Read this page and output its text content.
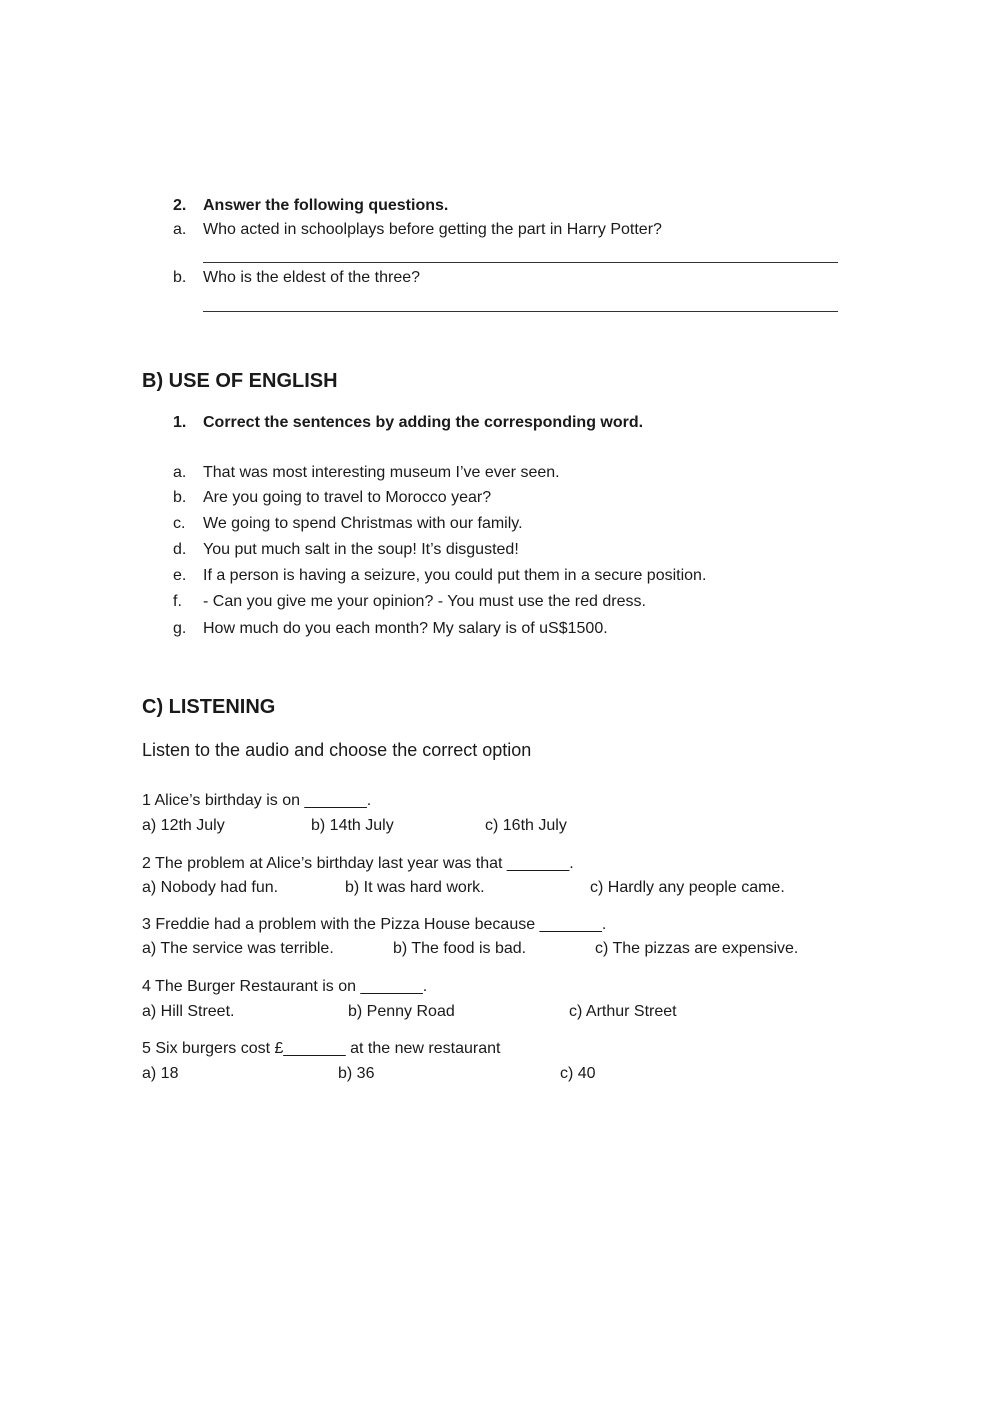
2.	Answer the following questions.
a.	Who acted in schoolplays before getting the part in Harry Potter?
b.	Who is the eldest of the three?
B) USE OF ENGLISH
1.	Correct the sentences by adding the corresponding word.
a.	That was most interesting museum I’ve ever seen.
b.	Are you going to travel to Morocco year?
c.	We going to spend Christmas with our family.
d.	You put much salt in the soup! It’s disgusted!
e.	If a person is having a seizure, you could put them in a secure position.
f.	- Can you give me your opinion? - You must use the red dress.
g.	How much do you each month? My salary is of uS$1500.
C) LISTENING
Listen to the audio and choose the correct option
1 Alice’s birthday is on _______.
a) 12th July	b) 14th July	c) 16th July
2 The problem at Alice’s birthday last year was that _______.
a) Nobody had fun.	b) It was hard work.	c) Hardly any people came.
3 Freddie had a problem with the Pizza House because _______.
a) The service was terrible.	b) The food is bad.	c) The pizzas are expensive.
4 The Burger Restaurant is on _______.
a) Hill Street.	b) Penny Road	c) Arthur Street
5 Six burgers cost £_______ at the new restaurant
a) 18	b) 36	c) 40
